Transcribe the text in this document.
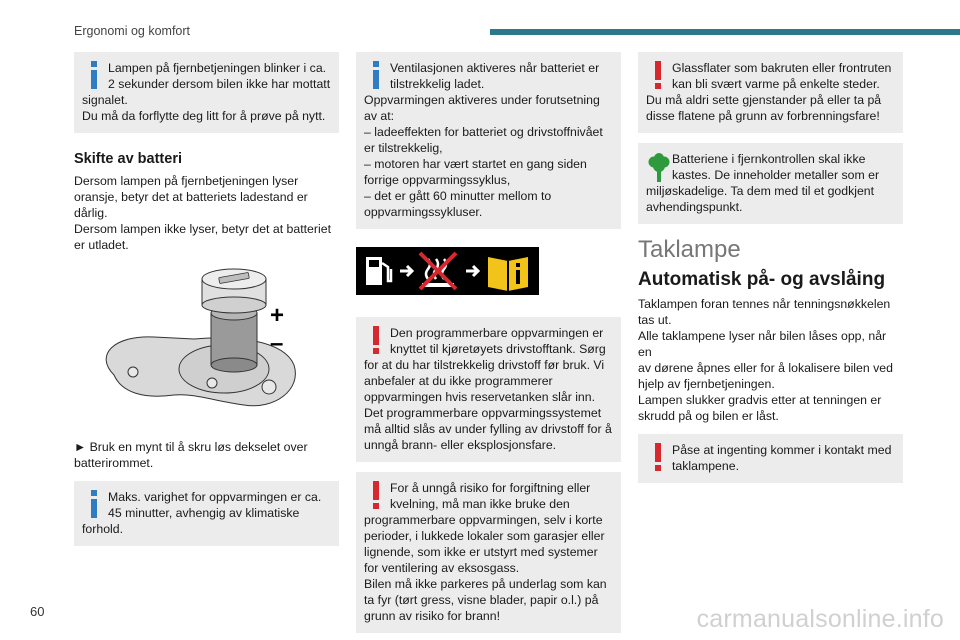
Ergonomi og komfort
Lampen på fjernbetjeningen blinker i ca.
2 sekunder dersom bilen ikke har mottatt
signalet.
Du må da forflytte deg litt for å prøve på nytt.
Skifte av batteri

Dersom lampen på fjernbetjeningen lyser

oransje, betyr det at batteriets ladestand er

dårlig.

Dersom lampen ikke lyser, betyr det at batteriet

er utladet.

+
–

► Bruk en mynt til å skru løs dekselet over

batterirommet.

Maks. varighet for oppvarmingen er ca.
45 minutter, avhengig av klimatiske
forhold.
Ventilasjonen aktiveres når batteriet er
tilstrekkelig ladet.
Oppvarmingen aktiveres under forutsetning
av at:
– ladeeffekten for batteriet og drivstoffnivået
er tilstrekkelig,
– motoren har vært startet en gang siden
forrige oppvarmingssyklus,
– det er gått 60 minutter mellom to
oppvarmingssykluser.
Den programmerbare oppvarmingen er
knyttet til kjøretøyets drivstofftank. Sørg
for at du har tilstrekkelig drivstoff før bruk. Vi
anbefaler at du ikke programmerer
oppvarmingen hvis reservetanken slår inn.
Det programmerbare oppvarmingssystemet
må alltid slås av under fylling av drivstoff for å
unngå brann- eller eksplosjonsfare.
For å unngå risiko for forgiftning eller
kvelning, må man ikke bruke den
programmerbare oppvarmingen, selv i korte
perioder, i lukkede lokaler som garasjer eller
lignende, som ikke er utstyrt med systemer
for ventilering av eksosgass.
Bilen må ikke parkeres på underlag som kan
ta fyr (tørt gress, visne blader, papir o.l.) på
grunn av risiko for brann!
Glassflater som bakruten eller frontruten
kan bli svært varme på enkelte steder.
Du må aldri sette gjenstander på eller ta på
disse flatene på grunn av forbrenningsfare!
Batteriene i fjernkontrollen skal ikke
kastes. De inneholder metaller som er
miljøskadelige. Ta dem med til et godkjent
avhendingspunkt.
Taklampe
Automatisk på- og avslåing

Taklampen foran tennes når tenningsnøkkelen

tas ut.

Alle taklampene lyser når bilen låses opp, når en

av dørene åpnes eller for å lokalisere bilen ved

hjelp av fjernbetjeningen.

Lampen slukker gradvis etter at tenningen er

skrudd på og bilen er låst.

Påse at ingenting kommer i kontakt med
taklampene.
60	carmanualsonline.info
